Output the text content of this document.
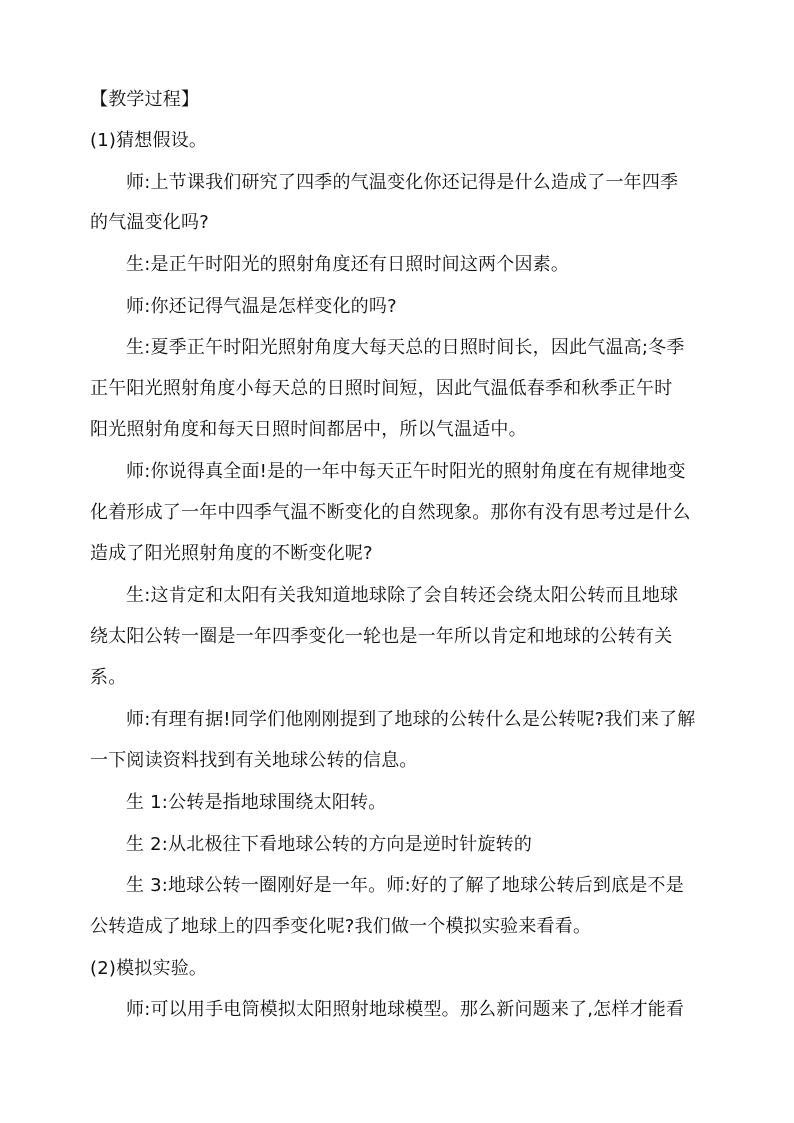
【教学过程】

(1)猜想假设。

师:上节课我们研究了四季的气温变化你还记得是什么造成了一年四季

的气温变化吗?

生:是正午时阳光的照射角度还有日照时间这两个因素。

师:你还记得气温是怎样变化的吗?

生:夏季正午时阳光照射角度大每天总的日照时间长，因此气温高;冬季

正午阳光照射角度小每天总的日照时间短，因此气温低春季和秋季正午时

阳光照射角度和每天日照时间都居中，所以气温适中。

师:你说得真全面!是的一年中每天正午时阳光的照射角度在有规律地变

化着形成了一年中四季气温不断变化的自然现象。那你有没有思考过是什么

造成了阳光照射角度的不断变化呢?

生:这肯定和太阳有关我知道地球除了会自转还会绕太阳公转而且地球

绕太阳公转一圈是一年四季变化一轮也是一年所以肯定和地球的公转有关

系。

师:有理有据!同学们他刚刚提到了地球的公转什么是公转呢?我们来了解

一下阅读资料找到有关地球公转的信息。

生 1:公转是指地球围绕太阳转。

生 2:从北极往下看地球公转的方向是逆时针旋转的

生 3:地球公转一圈刚好是一年。师:好的了解了地球公转后到底是不是

公转造成了地球上的四季变化呢?我们做一个模拟实验来看看。

(2)模拟实验。

师:可以用手电筒模拟太阳照射地球模型。那么新问题来了,怎样才能看
